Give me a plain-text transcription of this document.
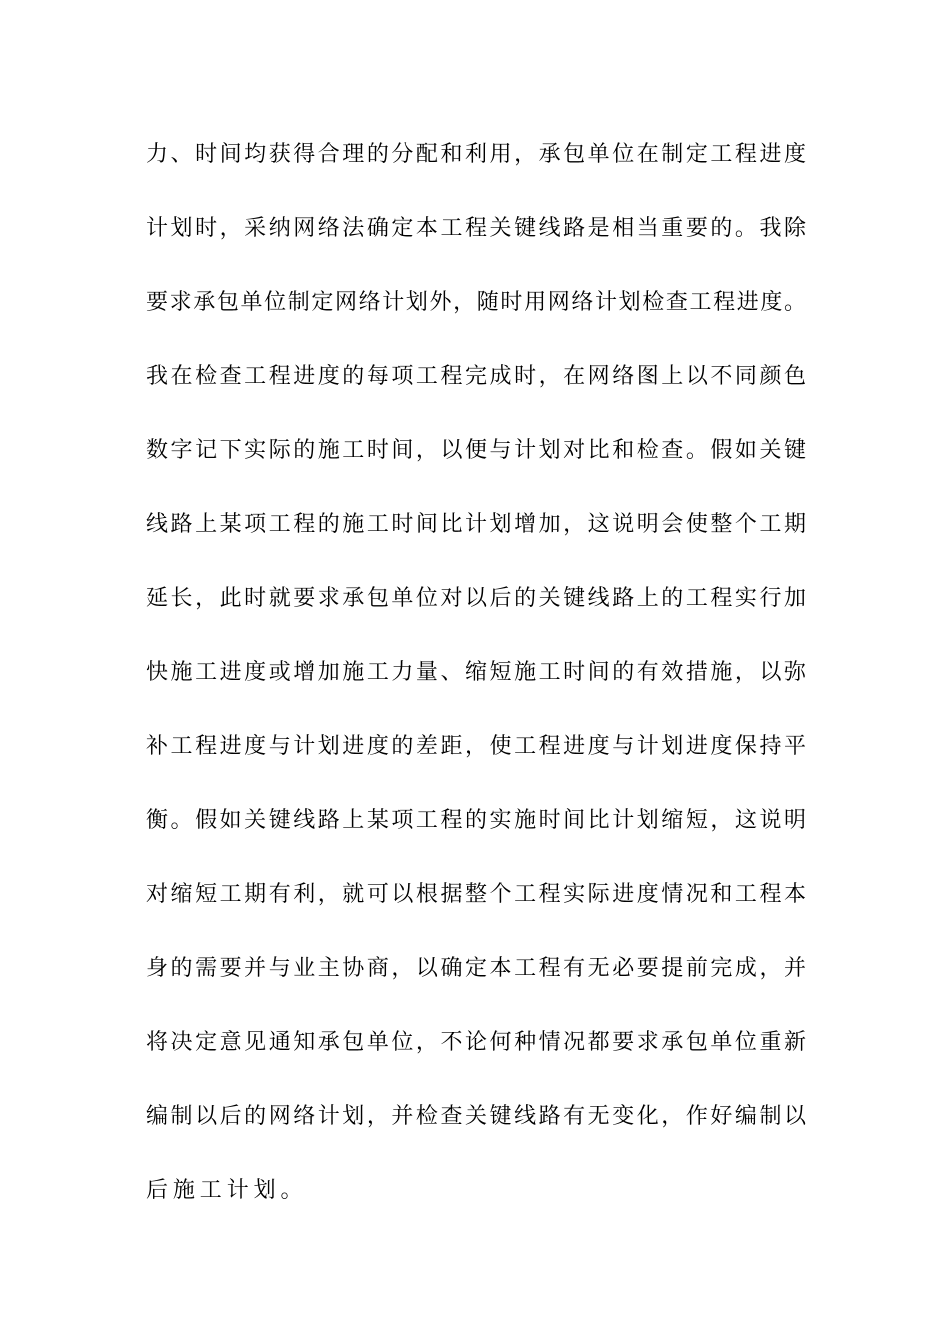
力、时间均获得合理的分配和利用，承包单位在制定工程进度
计划时，采纳网络法确定本工程关键线路是相当重要的。我除
要求承包单位制定网络计划外，随时用网络计划检查工程进度。
我在检查工程进度的每项工程完成时，在网络图上以不同颜色
数字记下实际的施工时间，以便与计划对比和检查。假如关键
线路上某项工程的施工时间比计划增加，这说明会使整个工期
延长，此时就要求承包单位对以后的关键线路上的工程实行加
快施工进度或增加施工力量、缩短施工时间的有效措施，以弥
补工程进度与计划进度的差距，使工程进度与计划进度保持平
衡。假如关键线路上某项工程的实施时间比计划缩短，这说明
对缩短工期有利，就可以根据整个工程实际进度情况和工程本
身的需要并与业主协商，以确定本工程有无必要提前完成，并
将决定意见通知承包单位，不论何种情况都要求承包单位重新
编制以后的网络计划，并检查关键线路有无变化，作好编制以
后施工计划。
